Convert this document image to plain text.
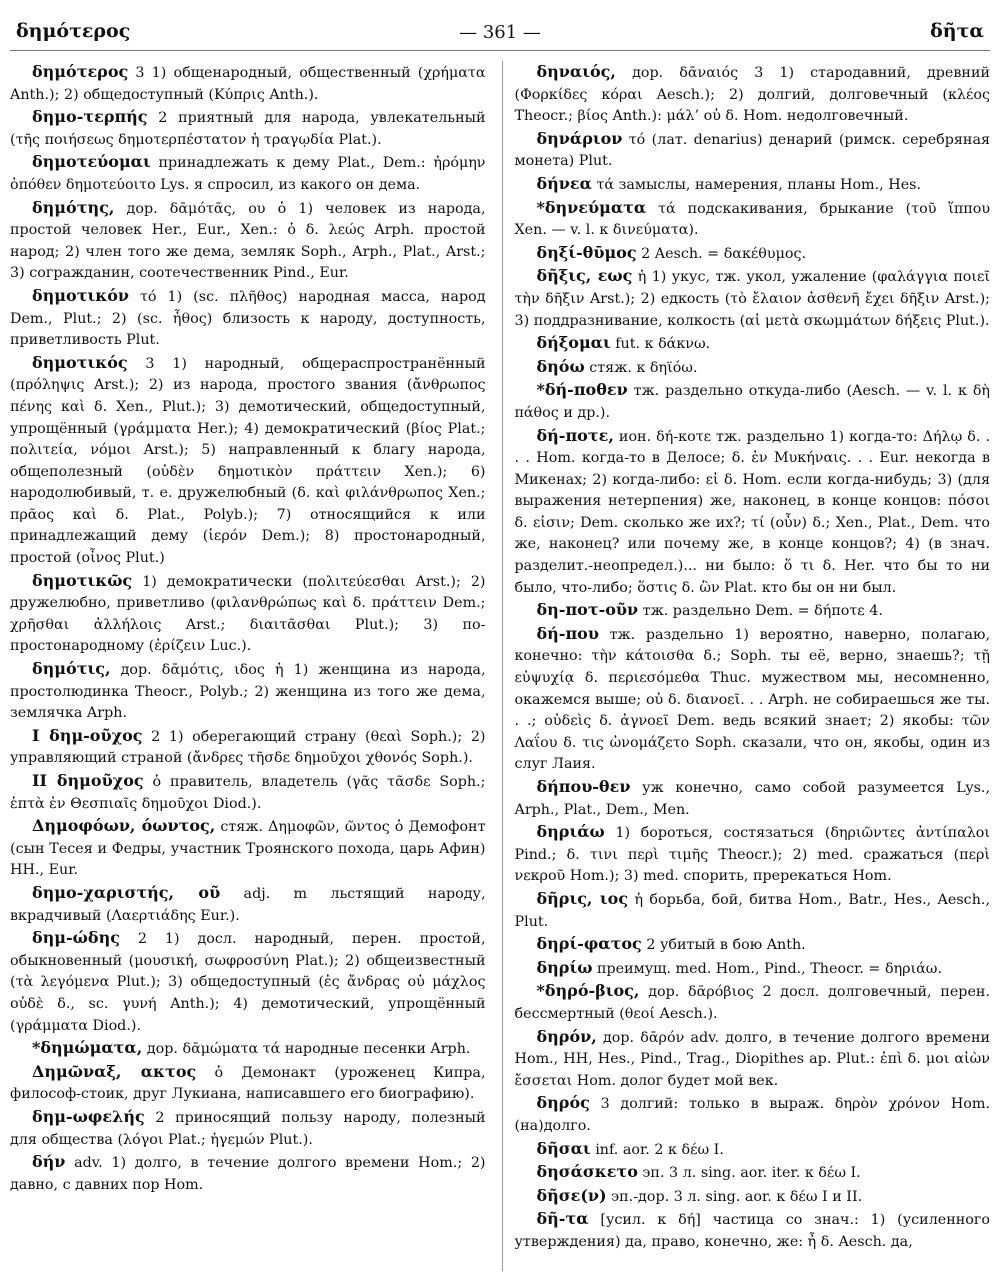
δημότερος	— 361 —	δῆτα

δημότερος 3 1) общенародный, общественный (χρήματα Anth.); 2) общедоступный (Κύπρις Anth.).

δημο-τερπής 2 приятный для народа, увлекательный (τῆς ποιήσεως δημοτερπέστατον ἡ τραγῳδία Plat.).

δημοτεύομαι принадлежать к дему Plat., Dem.: ἠρόμην ὁπόθεν δημοτεύοιτο Lys. я спросил, из какого он дема.

δημότης, дор. δᾱμότᾱς, ου ὁ 1) человек из народа, простой человек Her., Eur., Xen.: ὁ δ. λεώς Arph. простой народ; 2) член того же дема, земляк Soph., Arph., Plat., Arst.; 3) согражданин, соотечественник Pind., Eur.

δημοτικόν τό 1) (sc. πλῆθος) народная масса, народ Dem., Plut.; 2) (sc. ἦθος) близость к народу, доступность, приветливость Plut.

δημοτικός 3 1) народный, общераспространённый (πρόληψις Arst.); 2) из народа, простого звания (ἄνθρωπος πένης καὶ δ. Xen., Plut.); 3) демотический, общедоступный, упрощённый (γράμματα Her.); 4) демократический (βίος Plat.; πολιτεία, νόμοι Arst.); 5) направленный к благу народа, общеполезный (οὐδὲν δημοτικὸν πράττειν Xen.); 6) народолюбивый, т. е. дружелюбный (δ. καὶ φιλάνθρωπος Xen.; πρᾶος καὶ δ. Plat., Polyb.); 7) относящийся к или принадлежащий дему (ἱερόν Dem.); 8) простонародный, простой (οἶνος Plut.)

δημοτικῶς 1) демократически (πολιτεύεσθαι Arst.); 2) дружелюбно, приветливо (φιλανθρώπως καὶ δ. πράττειν Dem.; χρῆσθαι ἀλλήλοις Arst.; διαιτᾶσθαι Plut.); 3) по-простонародному (ἐρίζειν Luc.).

δημότις, дор. δᾱμότις, ιδος ἡ 1) женщина из народа, простолюдинка Theocr., Polyb.; 2) женщина из того же дема, землячка Arph.

I δημ-οῦχος 2 1) оберегающий страну (θεαὶ Soph.); 2) управляющий страной (ἄνδρες τῆσδε δημοῦχοι χθονός Soph.).

II δημοῦχος ὁ правитель, владетель (γᾶς τᾶσδε Soph.; ἑπτὰ ἐν Θεσπιαῖς δημοῦχοι Diod.).

Δημοφόων, όωντος, стяж. Δημοφῶν, ῶντος ὁ Демофонт (сын Тесея и Федры, участник Троянского похода, царь Афин) HH., Eur.

δημο-χαριστής, οῦ adj. m льстящий народу, вкрадчивый (Λαερτιάδης Eur.).

δημ-ώδης 2 1) досл. народный, перен. простой, обыкновенный (μουσική, σωφροσύνη Plat.); 2) общеизвестный (τὰ λεγόμενα Plut.); 3) общедоступный (ἐς ἄνδρας οὐ μάχλος οὐδὲ δ., sc. γυνή Anth.); 4) демотический, упрощённый (γράμματα Diod.).

*δημώματα, дор. δᾱμώματα τά народные песенки Arph.

Δημῶναξ, ακτος ὁ Демонакт (уроженец Кипра, философ-стоик, друг Лукиана, написавшего его биографию).

δημ-ωφελής 2 приносящий пользу народу, полезный для общества (λόγοι Plat.; ἡγεμών Plut.).

δήν adv. 1) долго, в течение долгого времени Hom.; 2) давно, с давних пор Hom.

δηναιός, дор. δᾱναιός 3 1) стародавний, древний (Φορκίδες κόραι Aesch.); 2) долгий, долговечный (κλέος Theocr.; βίος Anth.): μάλ’ οὐ δ. Hom. недолговечный.

δηνάριον τό (лат. denarius) денарий (римск. серебряная монета) Plut.

δήνεα τά замыслы, намерения, планы Hom., Hes.

*δηνεύματα τά подскакивания, брыкание (τοῦ ἵππου Xen. — v. l. к δινεύματα).

δηξί-θῡμος 2 Aesch. = δακέθυμος.

δῆξις, εως ἡ 1) укус, тж. укол, ужаление (φαλάγγια ποιεῖ τὴν δῆξιν Arst.); 2) едкость (τὸ ἔλαιον ἀσθενῆ ἔχει δῆξιν Arst.); 3) поддразнивание, колкость (αἱ μετὰ σκωμμάτων δήξεις Plut.).

δήξομαι fut. к δάκνω.

δηόω стяж. к δηϊόω.

*δή-ποθεν тж. раздельно откуда-либо (Aesch. — v. l. к δὴ πάθος и др.).

δή-ποτε, ион. δή-κοτε тж. раздельно 1) когда-то: Δήλῳ δ. . . . Hom. когда-то в Делосе; δ. ἐν Μυκήναις. . . Eur. некогда в Микенах; 2) когда-либо: εἰ δ. Hom. если когда-нибудь; 3) (для выражения нетерпения) же, наконец, в конце концов: πόσοι δ. εἰσιν; Dem. сколько же их?; τί (οὖν) δ.; Xen., Plat., Dem. что же, наконец? или почему же, в конце концов?; 4) (в знач. разделит.-неопредел.)... ни было: ὅ τι δ. Her. что бы то ни было, что-либо; ὅστις δ. ὢν Plat. кто бы он ни был.

δη-ποτ-οῦν тж. раздельно Dem. = δήποτε 4.

δή-που тж. раздельно 1) вероятно, наверно, полагаю, конечно: τὴν κάτοισθα δ.; Soph. ты её, верно, знаешь?; τῇ εὐψυχίᾳ δ. περιεσόμεθα Thuc. мужеством мы, несомненно, окажемся выше; οὐ δ. διανοεῖ. . . Arph. не собираешься же ты. . .; οὐδεὶς δ. ἀγνοεῖ Dem. ведь всякий знает; 2) якобы: τῶν Λαΐου δ. τις ὠνομάζετο Soph. сказали, что он, якобы, один из слуг Лаия.

δήπου-θεν уж конечно, само собой разумеется Lys., Arph., Plat., Dem., Men.

δηριάω 1) бороться, состязаться (δηριῶντες ἀντίπαλοι Pind.; δ. τινι περὶ τιμῆς Theocr.); 2) med. сражаться (περὶ νεκροῦ Hom.); 3) med. спорить, пререкаться Hom.

δῆρις, ιος ἡ борьба, бой, битва Hom., Batr., Hes., Aesch., Plut.

δηρί-φατος 2 убитый в бою Anth.

δηρίω преимущ. med. Hom., Pind., Theocr. = δηριάω.

*δηρό-βιος, дор. δᾱρόβιος 2 досл. долговечный, перен. бессмертный (θεοί Aesch.).

δηρόν, дор. δᾱρόν adv. долго, в течение долгого времени Hom., HH, Hes., Pind., Trag., Diopithes ap. Plut.: ἐπὶ δ. μοι αἰὼν ἔσσεται Hom. долог будет мой век.

δηρός 3 долгий: только в выраж. δηρὸν χρόνον Hom. (на)долго.

δῆσαι inf. aor. 2 к δέω I.

δησάσκετο эп. 3 л. sing. aor. iter. к δέω I.

δῆσε(ν) эп.-дор. 3 л. sing. aor. к δέω I и II.

δῆ-τα [усил. к δή] частица со знач.: 1) (усиленного утверждения) да, право, конечно, же: ἦ δ. Aesch. да,
